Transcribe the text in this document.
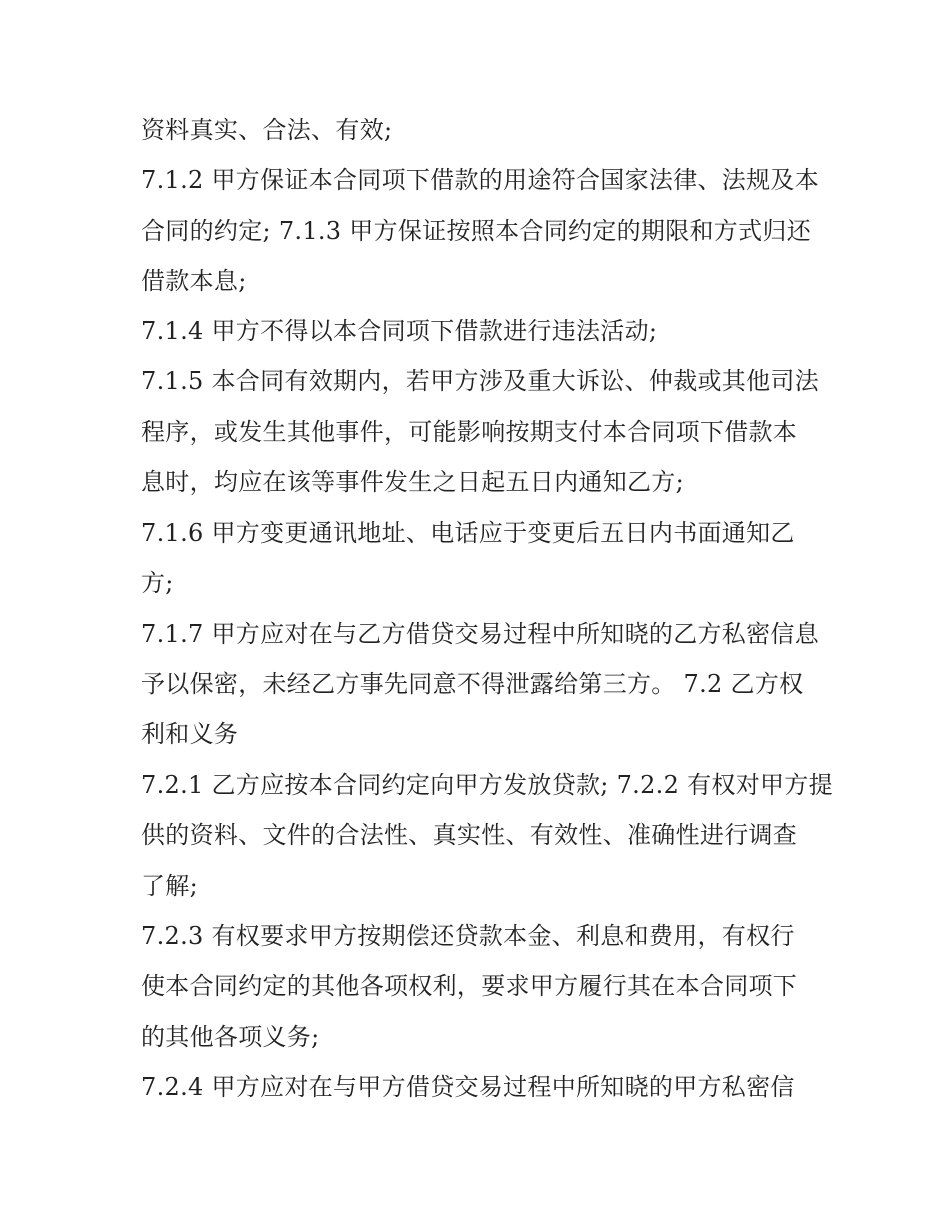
资料真实、合法、有效;
7.1.2 甲方保证本合同项下借款的用途符合国家法律、法规及本
合同的约定; 7.1.3 甲方保证按照本合同约定的期限和方式归还
借款本息;
7.1.4 甲方不得以本合同项下借款进行违法活动;
7.1.5 本合同有效期内，若甲方涉及重大诉讼、仲裁或其他司法
程序，或发生其他事件，可能影响按期支付本合同项下借款本
息时，均应在该等事件发生之日起五日内通知乙方;
7.1.6 甲方变更通讯地址、电话应于变更后五日内书面通知乙
方;
7.1.7 甲方应对在与乙方借贷交易过程中所知晓的乙方私密信息
予以保密，未经乙方事先同意不得泄露给第三方。 7.2 乙方权
利和义务
7.2.1 乙方应按本合同约定向甲方发放贷款; 7.2.2 有权对甲方提
供的资料、文件的合法性、真实性、有效性、准确性进行调查
了解;
7.2.3 有权要求甲方按期偿还贷款本金、利息和费用，有权行
使本合同约定的其他各项权利，要求甲方履行其在本合同项下
的其他各项义务;
7.2.4 甲方应对在与甲方借贷交易过程中所知晓的甲方私密信
